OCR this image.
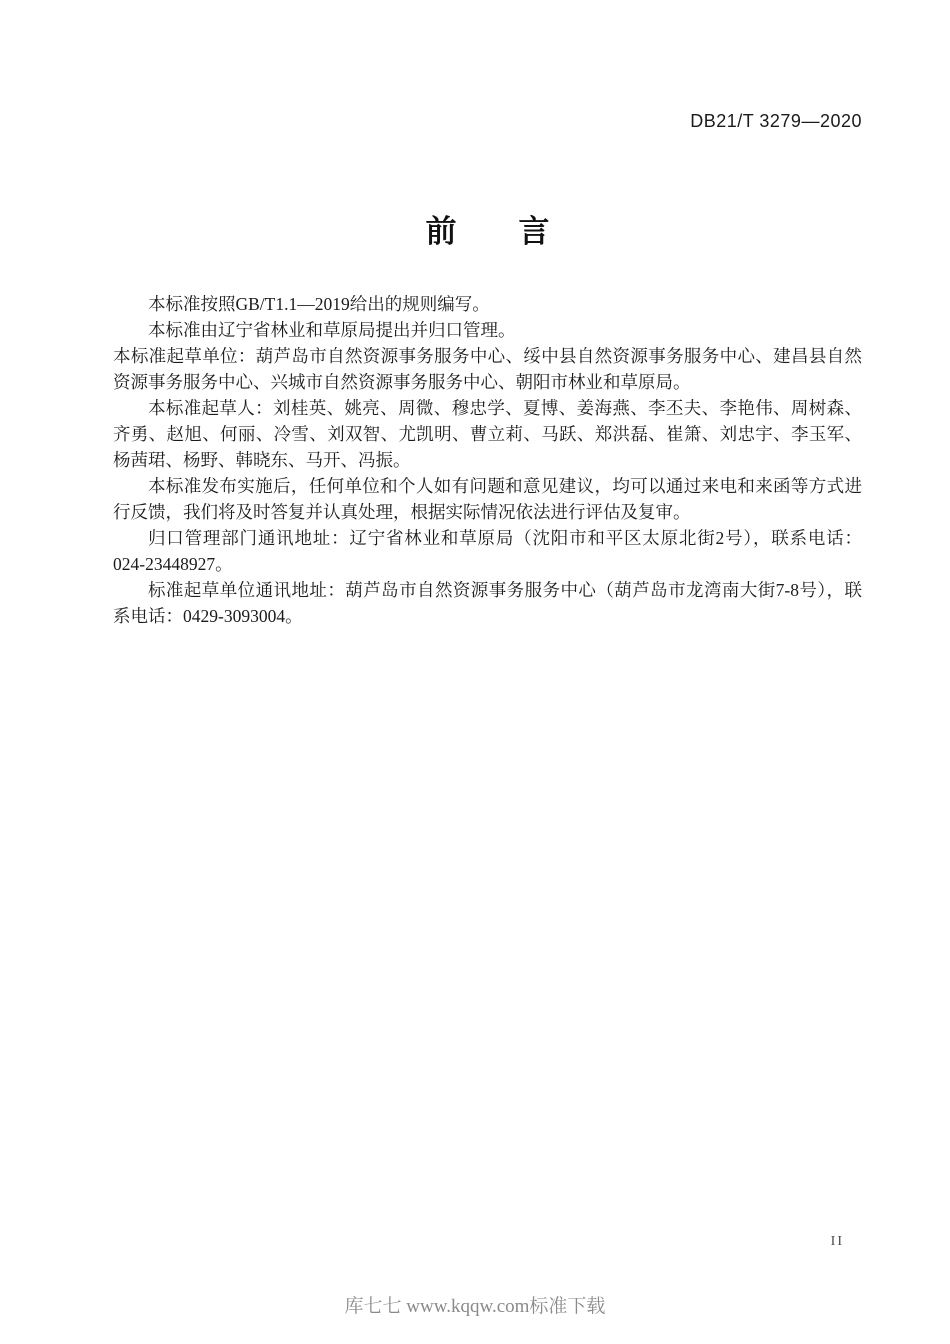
DB21/T 3279—2020
前　　言

本标准按照GB/T1.1—2019给出的规则编写。

本标准由辽宁省林业和草原局提出并归口管理。

本标准起草单位：葫芦岛市自然资源事务服务中心、绥中县自然资源事务服务中心、建昌县自然资源事务服务中心、兴城市自然资源事务服务中心、朝阳市林业和草原局。

本标准起草人：刘桂英、姚亮、周微、穆忠学、夏博、姜海燕、李丕夫、李艳伟、周树森、齐勇、赵旭、何丽、冷雪、刘双智、尤凯明、曹立莉、马跃、郑洪磊、崔箫、刘忠宇、李玉军、杨茜珺、杨野、韩晓东、马开、冯振。

本标准发布实施后，任何单位和个人如有问题和意见建议，均可以通过来电和来函等方式进行反馈，我们将及时答复并认真处理，根据实际情况依法进行评估及复审。

归口管理部门通讯地址：辽宁省林业和草原局（沈阳市和平区太原北街2号），联系电话：024-23448927。

标准起草单位通讯地址：葫芦岛市自然资源事务服务中心（葫芦岛市龙湾南大街7-8号），联系电话：0429-3093004。

II
库七七 www.kqqw.com标准下载
